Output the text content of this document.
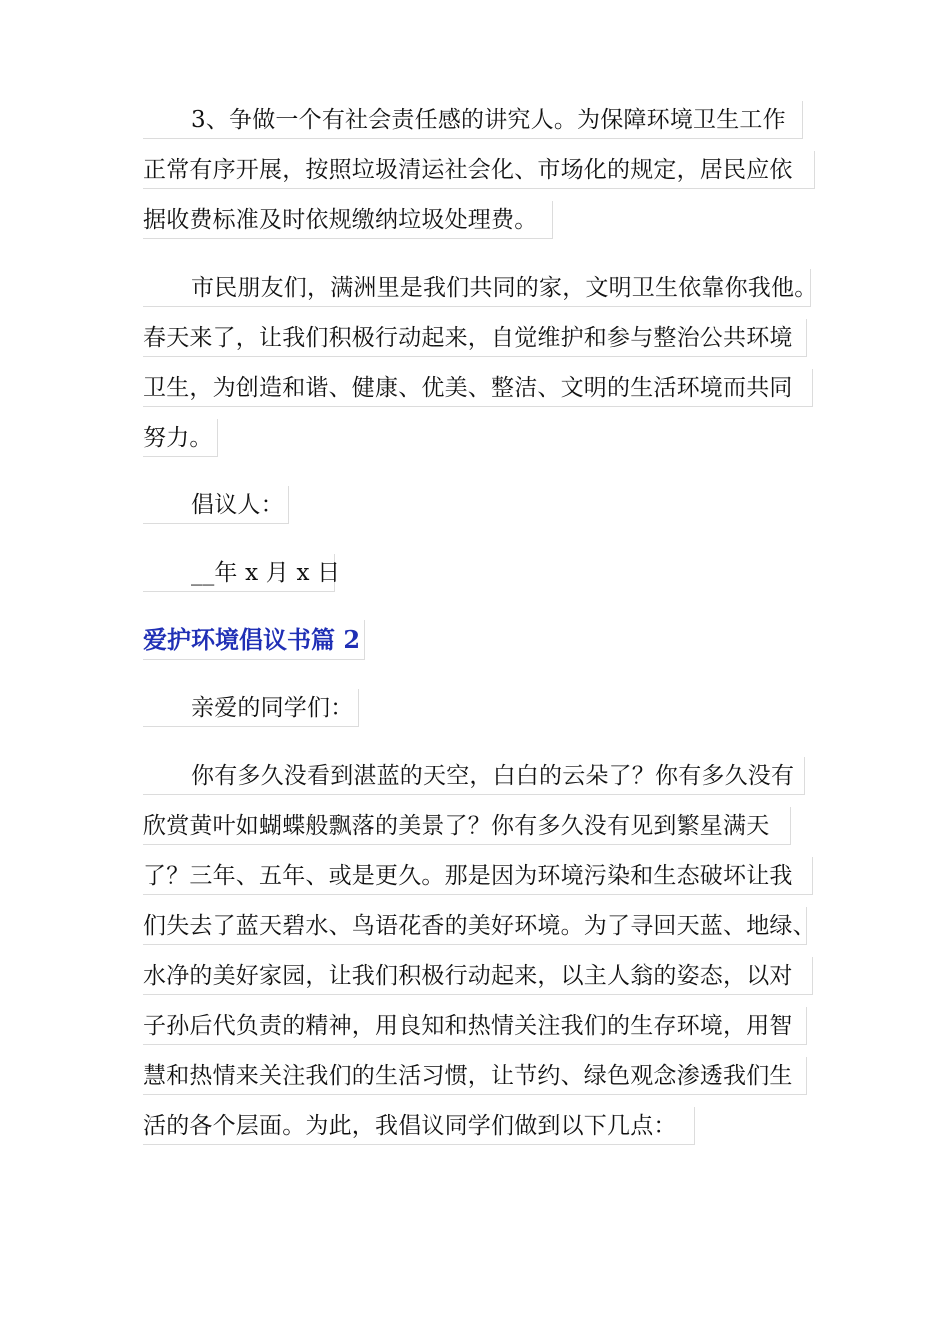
3、争做一个有社会责任感的讲究人。为保障环境卫生工作
正常有序开展，按照垃圾清运社会化、市场化的规定，居民应依
据收费标准及时依规缴纳垃圾处理费。
市民朋友们，满洲里是我们共同的家，文明卫生依靠你我他。
春天来了，让我们积极行动起来，自觉维护和参与整治公共环境
卫生，为创造和谐、健康、优美、整洁、文明的生活环境而共同
努力。
倡议人：
__年 x 月 x 日
爱护环境倡议书篇 2
亲爱的同学们：
你有多久没看到湛蓝的天空，白白的云朵了？你有多久没有
欣赏黄叶如蝴蝶般飘落的美景了？你有多久没有见到繁星满天
了？三年、五年、或是更久。那是因为环境污染和生态破坏让我
们失去了蓝天碧水、鸟语花香的美好环境。为了寻回天蓝、地绿、
水净的美好家园，让我们积极行动起来，以主人翁的姿态，以对
子孙后代负责的精神，用良知和热情关注我们的生存环境，用智
慧和热情来关注我们的生活习惯，让节约、绿色观念渗透我们生
活的各个层面。为此，我倡议同学们做到以下几点：
